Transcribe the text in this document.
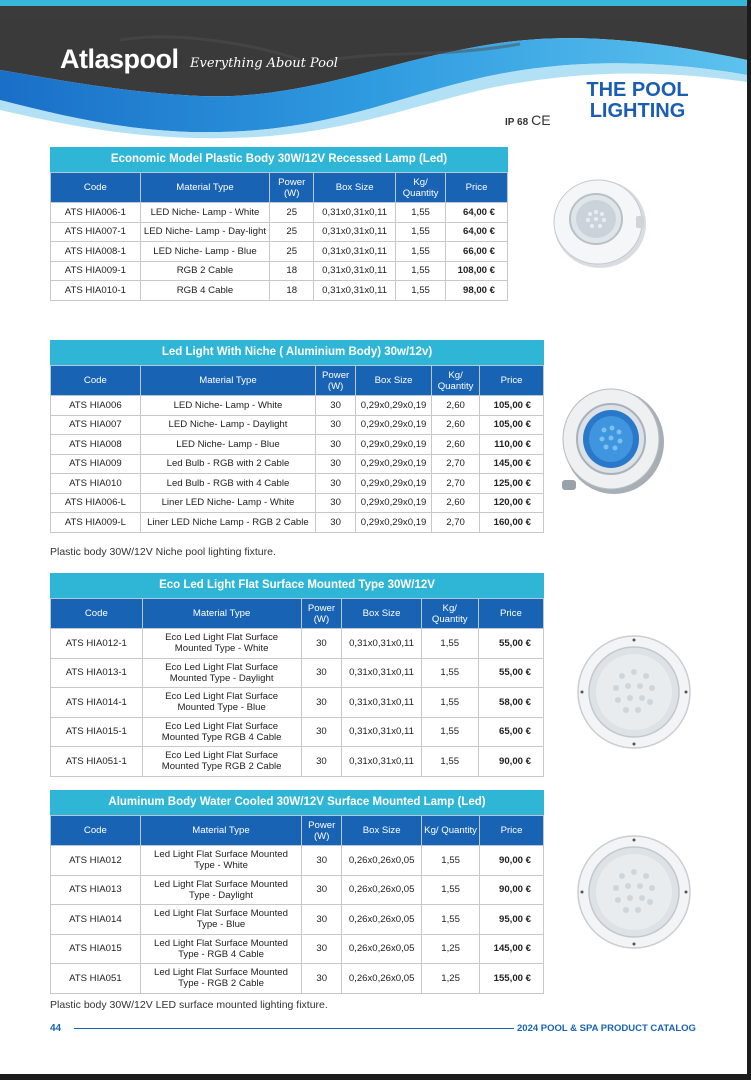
Atlaspool Everything About Pool
THE POOL
LIGHTING
IP 68 CE
Economic Model Plastic Body 30W/12V Recessed Lamp (Led)
Code	Material Type	Power (W)	Box Size	Kg/ Quantity	Price
ATS HIA006-1	LED Niche- Lamp - White	25	0,31x0,31x0,11	1,55	64,00 €
ATS HIA007-1	LED Niche- Lamp - Day-light	25	0,31x0,31x0,11	1,55	64,00 €
ATS HIA008-1	LED Niche- Lamp - Blue	25	0,31x0,31x0,11	1,55	66,00 €
ATS HIA009-1	RGB 2 Cable	18	0,31x0,31x0,11	1,55	108,00 €
ATS HIA010-1	RGB 4 Cable	18	0,31x0,31x0,11	1,55	98,00 €
Led Light With Niche ( Aluminium Body) 30w/12v)
Code	Material Type	Power (W)	Box Size	Kg/ Quantity	Price
ATS HIA006	LED Niche- Lamp - White	30	0,29x0,29x0,19	2,60	105,00 €
ATS HIA007	LED Niche- Lamp - Daylight	30	0,29x0,29x0,19	2,60	105,00 €
ATS HIA008	LED Niche- Lamp - Blue	30	0,29x0,29x0,19	2,60	110,00 €
ATS HIA009	Led Bulb - RGB with 2 Cable	30	0,29x0,29x0,19	2,70	145,00 €
ATS HIA010	Led Bulb - RGB with 4 Cable	30	0,29x0,29x0,19	2,70	125,00 €
ATS HIA006-L	Liner LED Niche- Lamp - White	30	0,29x0,29x0,19	2,60	120,00 €
ATS HIA009-L	Liner LED Niche Lamp - RGB 2 Cable	30	0,29x0,29x0,19	2,70	160,00 €
Plastic body 30W/12V Niche pool lighting fixture.
Eco Led Light Flat Surface Mounted Type 30W/12V
Code	Material Type	Power (W)	Box Size	Kg/ Quantity	Price
ATS HIA012-1	Eco Led Light Flat Surface Mounted Type - White	30	0,31x0,31x0,11	1,55	55,00 €
ATS HIA013-1	Eco Led Light Flat Surface Mounted Type - Daylight	30	0,31x0,31x0,11	1,55	55,00 €
ATS HIA014-1	Eco Led Light Flat Surface Mounted Type - Blue	30	0,31x0,31x0,11	1,55	58,00 €
ATS HIA015-1	Eco Led Light Flat Surface Mounted Type RGB 4 Cable	30	0,31x0,31x0,11	1,55	65,00 €
ATS HIA051-1	Eco Led Light Flat Surface Mounted Type RGB 2 Cable	30	0,31x0,31x0,11	1,55	90,00 €
Aluminum Body Water Cooled 30W/12V Surface Mounted Lamp (Led)
Code	Material Type	Power (W)	Box Size	Kg/ Quantity	Price
ATS HIA012	Led Light Flat Surface Mounted Type - White	30	0,26x0,26x0,05	1,55	90,00 €
ATS HIA013	Led Light Flat Surface Mounted Type - Daylight	30	0,26x0,26x0,05	1,55	90,00 €
ATS HIA014	Led Light Flat Surface Mounted Type - Blue	30	0,26x0,26x0,05	1,55	95,00 €
ATS HIA015	Led Light Flat Surface Mounted Type - RGB 4 Cable	30	0,26x0,26x0,05	1,25	145,00 €
ATS HIA051	Led Light Flat Surface Mounted Type - RGB 2 Cable	30	0,26x0,26x0,05	1,25	155,00 €
Plastic body 30W/12V LED surface mounted lighting fixture.
44	2024 POOL & SPA PRODUCT CATALOG
